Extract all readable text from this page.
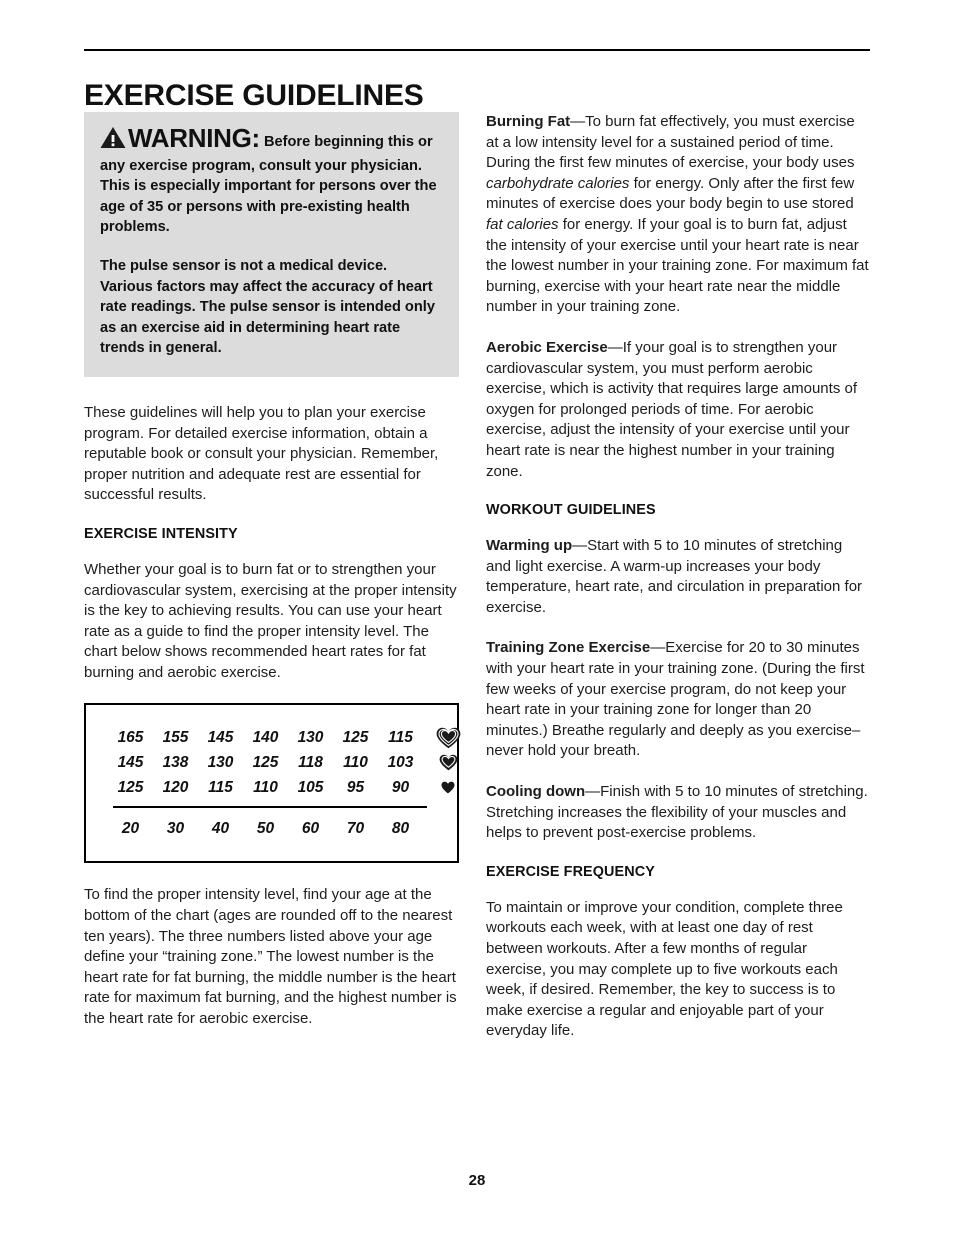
EXERCISE GUIDELINES

WARNING: Before beginning this or any exercise program, consult your physician. This is especially important for persons over the age of 35 or persons with pre-existing health problems.

The pulse sensor is not a medical device. Various factors may affect the accuracy of heart rate readings. The pulse sensor is intended only as an exercise aid in determining heart rate trends in general.

These guidelines will help you to plan your exercise program. For detailed exercise information, obtain a reputable book or consult your physician. Remember, proper nutrition and adequate rest are essential for successful results.

EXERCISE INTENSITY

Whether your goal is to burn fat or to strengthen your cardiovascular system, exercising at the proper intensity is the key to achieving results. You can use your heart rate as a guide to find the proper intensity level. The chart below shows recommended heart rates for fat burning and aerobic exercise.

165	155	145	140	130	125	115
145	138	130	125	118	110	103
125	120	115	110	105	95	90
20	30	40	50	60	70	80

To find the proper intensity level, find your age at the bottom of the chart (ages are rounded off to the nearest ten years). The three numbers listed above your age define your “training zone.” The lowest number is the heart rate for fat burning, the middle number is the heart rate for maximum fat burning, and the highest number is the heart rate for aerobic exercise.

Burning Fat—To burn fat effectively, you must exercise at a low intensity level for a sustained period of time. During the first few minutes of exercise, your body uses carbohydrate calories for energy. Only after the first few minutes of exercise does your body begin to use stored fat calories for energy. If your goal is to burn fat, adjust the intensity of your exercise until your heart rate is near the lowest number in your training zone. For maximum fat burning, exercise with your heart rate near the middle number in your training zone.

Aerobic Exercise—If your goal is to strengthen your cardiovascular system, you must perform aerobic exercise, which is activity that requires large amounts of oxygen for prolonged periods of time. For aerobic exercise, adjust the intensity of your exercise until your heart rate is near the highest number in your training zone.

WORKOUT GUIDELINES

Warming up—Start with 5 to 10 minutes of stretching and light exercise. A warm-up increases your body temperature, heart rate, and circulation in preparation for exercise.

Training Zone Exercise—Exercise for 20 to 30 minutes with your heart rate in your training zone. (During the first few weeks of your exercise program, do not keep your heart rate in your training zone for longer than 20 minutes.) Breathe regularly and deeply as you exercise–never hold your breath.

Cooling down—Finish with 5 to 10 minutes of stretching. Stretching increases the flexibility of your muscles and helps to prevent post-exercise problems.

EXERCISE FREQUENCY

To maintain or improve your condition, complete three workouts each week, with at least one day of rest between workouts. After a few months of regular exercise, you may complete up to five workouts each week, if desired. Remember, the key to success is to make exercise a regular and enjoyable part of your everyday life.

28
